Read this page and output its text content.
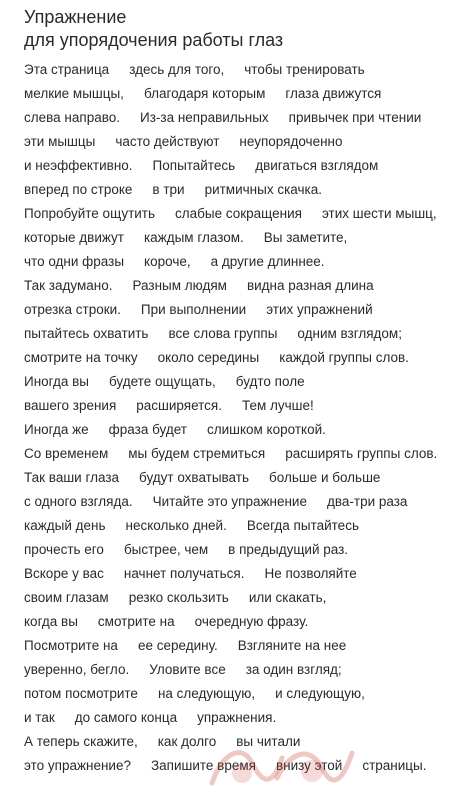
Упражнение
для упорядочения работы глаз
Эта страница здесь для того, чтобы тренировать
мелкие мышцы, благодаря которым глаза движутся
слева направо. Из-за неправильных привычек при чтении
эти мышцы часто действуют неупорядоченно
и неэффективно. Попытайтесь двигаться взглядом
вперед по строке в три ритмичных скачка.
Попробуйте ощутить слабые сокращения этих шести мышц,
которые движут каждым глазом. Вы заметите,
что одни фразы короче, а другие длиннее.
Так задумано. Разным людям видна разная длина
отрезка строки. При выполнении этих упражнений
пытайтесь охватить все слова группы одним взглядом;
смотрите на точку около середины каждой группы слов.
Иногда вы будете ощущать, будто поле
вашего зрения расширяется. Тем лучше!
Иногда же фраза будет слишком короткой.
Со временем мы будем стремиться расширять группы слов.
Так ваши глаза будут охватывать больше и больше
с одного взгляда. Читайте это упражнение два-три раза
каждый день несколько дней. Всегда пытайтесь
прочесть его быстрее, чем в предыдущий раз.
Вскоре у вас начнет получаться. Не позволяйте
своим глазам резко скользить или скакать,
когда вы смотрите на очередную фразу.
Посмотрите на ее середину. Взгляните на нее
уверенно, бегло. Уловите все за один взгляд;
потом посмотрите на следующую, и следующую,
и так до самого конца упражнения.
А теперь скажите, как долго вы читали
это упражнение? Запишите время внизу этой страницы.
